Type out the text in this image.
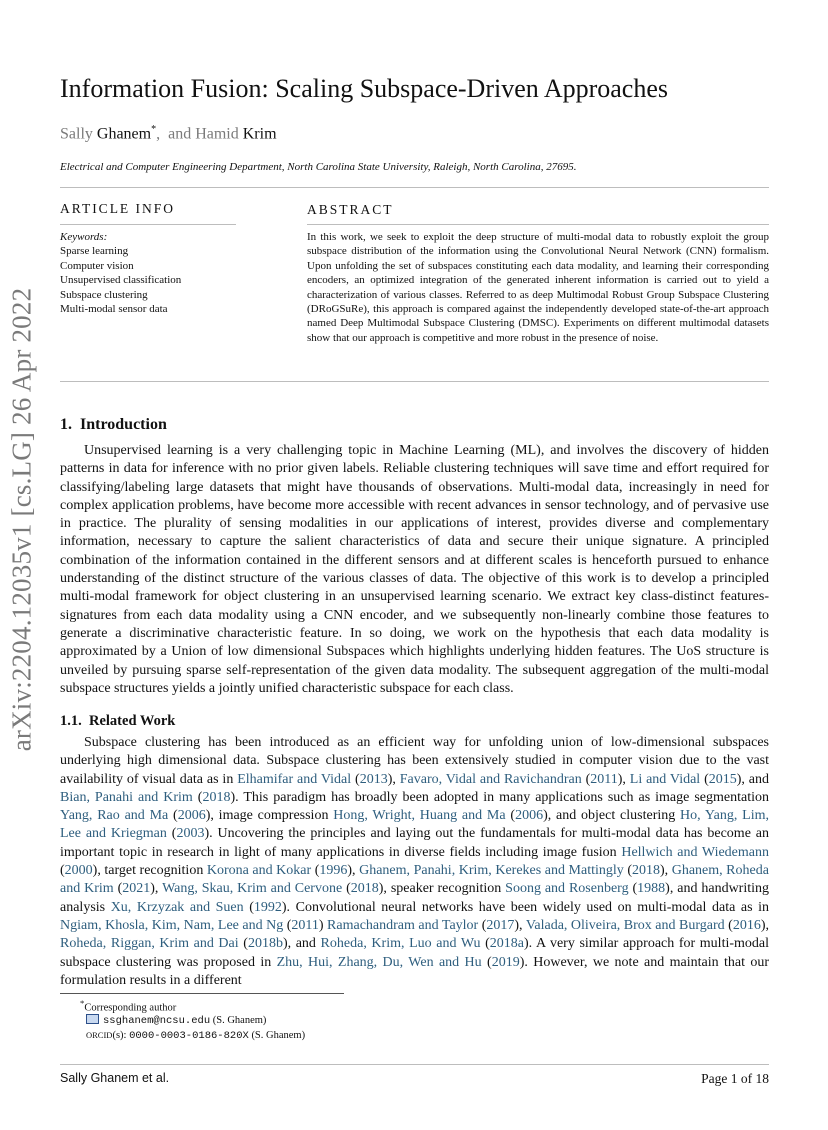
arXiv:2204.12035v1 [cs.LG] 26 Apr 2022
Information Fusion: Scaling Subspace-Driven Approaches
Sally Ghanem*,  and Hamid Krim
Electrical and Computer Engineering Department, North Carolina State University, Raleigh, North Carolina, 27695.
ARTICLE INFO	ABSTRACT
Keywords:
Sparse learning
Computer vision
Unsupervised classification
Subspace clustering
Multi-modal sensor data
In this work, we seek to exploit the deep structure of multi-modal data to robustly exploit the group subspace distribution of the information using the Convolutional Neural Network (CNN) formalism. Upon unfolding the set of subspaces constituting each data modality, and learning their corresponding encoders, an optimized integration of the generated inherent information is carried out to yield a characterization of various classes. Referred to as deep Multimodal Robust Group Subspace Clustering (DRoGSuRe), this approach is compared against the independently developed state-of-the-art approach named Deep Multimodal Subspace Clustering (DMSC). Experiments on different multimodal datasets show that our approach is competitive and more robust in the presence of noise.
1.  Introduction
Unsupervised learning is a very challenging topic in Machine Learning (ML), and involves the discovery of hidden patterns in data for inference with no prior given labels. Reliable clustering techniques will save time and effort required for classifying/labeling large datasets that might have thousands of observations. Multi-modal data, increasingly in need for complex application problems, have become more accessible with recent advances in sensor technology, and of pervasive use in practice. The plurality of sensing modalities in our applications of interest, provides diverse and complementary information, necessary to capture the salient characteristics of data and secure their unique signature. A principled combination of the information contained in the different sensors and at different scales is henceforth pursued to enhance understanding of the distinct structure of the various classes of data. The objective of this work is to develop a principled multi-modal framework for object clustering in an unsupervised learning scenario. We extract key class-distinct features-signatures from each data modality using a CNN encoder, and we subsequently non-linearly combine those features to generate a discriminative characteristic feature. In so doing, we work on the hypothesis that each data modality is approximated by a Union of low dimensional Subspaces which highlights underlying hidden features. The UoS structure is unveiled by pursuing sparse self-representation of the given data modality. The subsequent aggregation of the multi-modal subspace structures yields a jointly unified characteristic subspace for each class.
1.1.  Related Work
Subspace clustering has been introduced as an efficient way for unfolding union of low-dimensional subspaces underlying high dimensional data. Subspace clustering has been extensively studied in computer vision due to the vast availability of visual data as in Elhamifar and Vidal (2013), Favaro, Vidal and Ravichandran (2011), Li and Vidal (2015), and Bian, Panahi and Krim (2018). This paradigm has broadly been adopted in many applications such as image segmentation Yang, Rao and Ma (2006), image compression Hong, Wright, Huang and Ma (2006), and object clustering Ho, Yang, Lim, Lee and Kriegman (2003). Uncovering the principles and laying out the fundamentals for multi-modal data has become an important topic in research in light of many applications in diverse fields including image fusion Hellwich and Wiedemann (2000), target recognition Korona and Kokar (1996), Ghanem, Panahi, Krim, Kerekes and Mattingly (2018), Ghanem, Roheda and Krim (2021), Wang, Skau, Krim and Cervone (2018), speaker recognition Soong and Rosenberg (1988), and handwriting analysis Xu, Krzyzak and Suen (1992). Convolutional neural networks have been widely used on multi-modal data as in Ngiam, Khosla, Kim, Nam, Lee and Ng (2011) Ramachandram and Taylor (2017), Valada, Oliveira, Brox and Burgard (2016), Roheda, Riggan, Krim and Dai (2018b), and Roheda, Krim, Luo and Wu (2018a). A very similar approach for multi-modal subspace clustering was proposed in Zhu, Hui, Zhang, Du, Wen and Hu (2019). However, we note and maintain that our formulation results in a different
*Corresponding author
ssghanem@ncsu.edu (S. Ghanem)
ORCID(s): 0000-0003-0186-820X (S. Ghanem)
Sally Ghanem et al.	Page 1 of 18
